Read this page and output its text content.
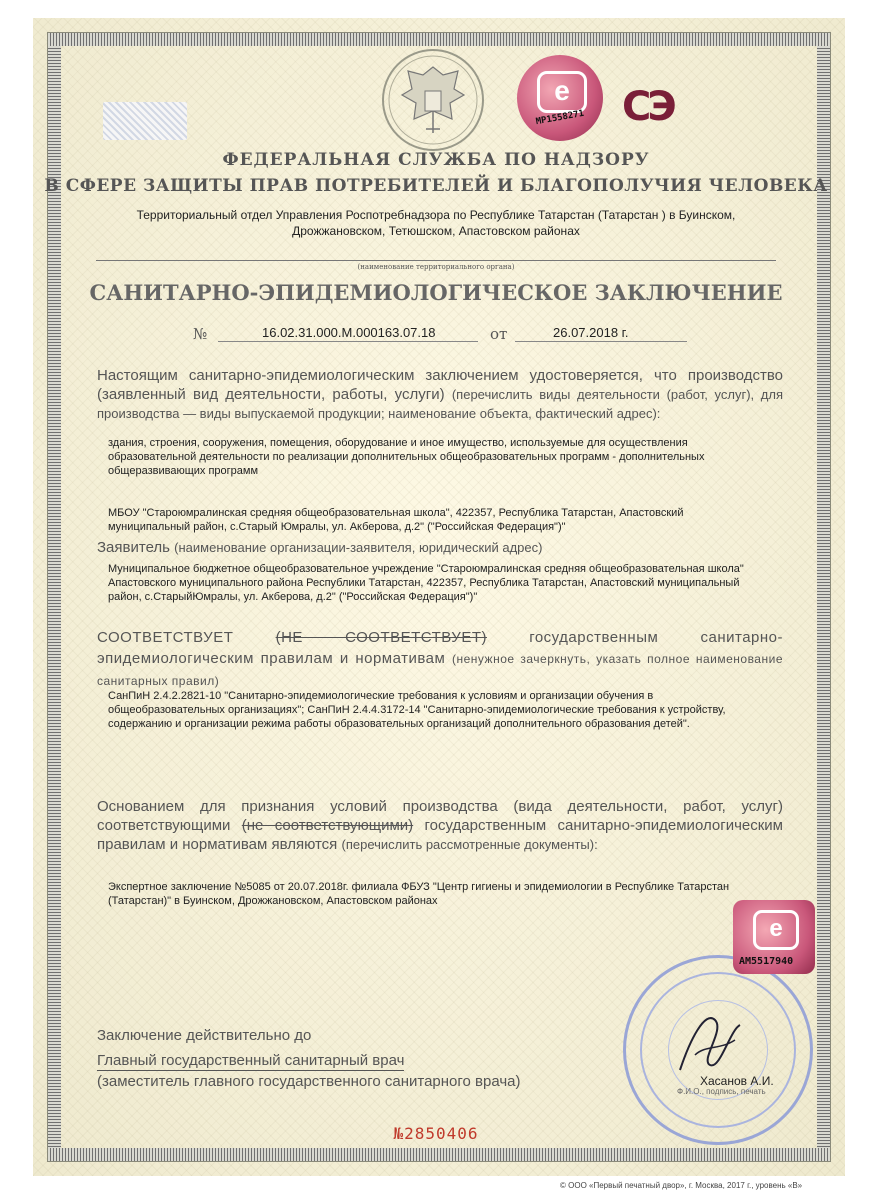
e
МР1558271 СЭ
ФЕДЕРАЛЬНАЯ СЛУЖБА ПО НАДЗОРУ
В СФЕРЕ ЗАЩИТЫ ПРАВ ПОТРЕБИТЕЛЕЙ И БЛАГОПОЛУЧИЯ ЧЕЛОВЕКА
Территориальный отдел Управления Роспотребнадзора по Республике Татарстан (Татарстан ) в Буинском, Дрожжановском, Тетюшском, Апастовском районах
(наименование территориального органа)
САНИТАРНО-ЭПИДЕМИОЛОГИЧЕСКОЕ ЗАКЛЮЧЕНИЕ
№	16.02.31.000.М.000163.07.18	от	26.07.2018 г.
Настоящим санитарно-эпидемиологическим заключением удостоверяется, что производство (заявленный вид деятельности, работы, услуги) (перечислить виды деятельности (работ, услуг), для производства — виды выпускаемой продукции; наименование объекта, фактический адрес):
здания, строения, сооружения, помещения, оборудование и иное имущество, используемые для осуществления образовательной деятельности по реализации дополнительных общеобразовательных программ - дополнительных общеразвивающих программ
МБОУ "Староюмралинская средняя общеобразовательная школа", 422357, Республика Татарстан, Апастовский муниципальный район, с.Старый Юмралы, ул. Акберова, д.2" ("Российская Федерация")"
Заявитель (наименование организации-заявителя, юридический адрес)
Муниципальное бюджетное общеобразовательное учреждение "Староюмралинская средняя общеобразовательная школа" Апастовского муниципального района Республики Татарстан, 422357, Республика Татарстан, Апастовский муниципальный район, с.СтарыйЮмралы, ул. Акберова, д.2" ("Российская Федерация")"
СООТВЕТСТВУЕТ	(НЕ СООТВЕТСТВУЕТ)	государственным санитарно-эпидемиологическим правилам и нормативам (ненужное зачеркнуть, указать полное наименование санитарных правил)
СанПиН 2.4.2.2821-10 "Санитарно-эпидемиологические требования к условиям и организации обучения в общеобразовательных организациях"; СанПиН 2.4.4.3172-14 "Санитарно-эпидемиологические требования к устройству, содержанию и организации режима работы образовательных организаций дополнительного образования детей".
Основанием для признания условий производства (вида деятельности, работ, услуг) соответствующими (не соответствующими) государственным санитарно-эпидемиологическим правилам и нормативам являются (перечислить рассмотренные документы):
Экспертное заключение №5085 от 20.07.2018г. филиала ФБУЗ "Центр гигиены и эпидемиологии в Республике Татарстан (Татарстан)" в Буинском, Дрожжановском, Апастовском районах
e
АМ5517940
Заключение действительно до
Главный государственный санитарный врач
(заместитель главного государственного санитарного врача)	Хасанов А.И.
Ф.И.О., подпись, печать
№2850406
© ООО «Первый печатный двор», г. Москва, 2017 г., уровень «В»
